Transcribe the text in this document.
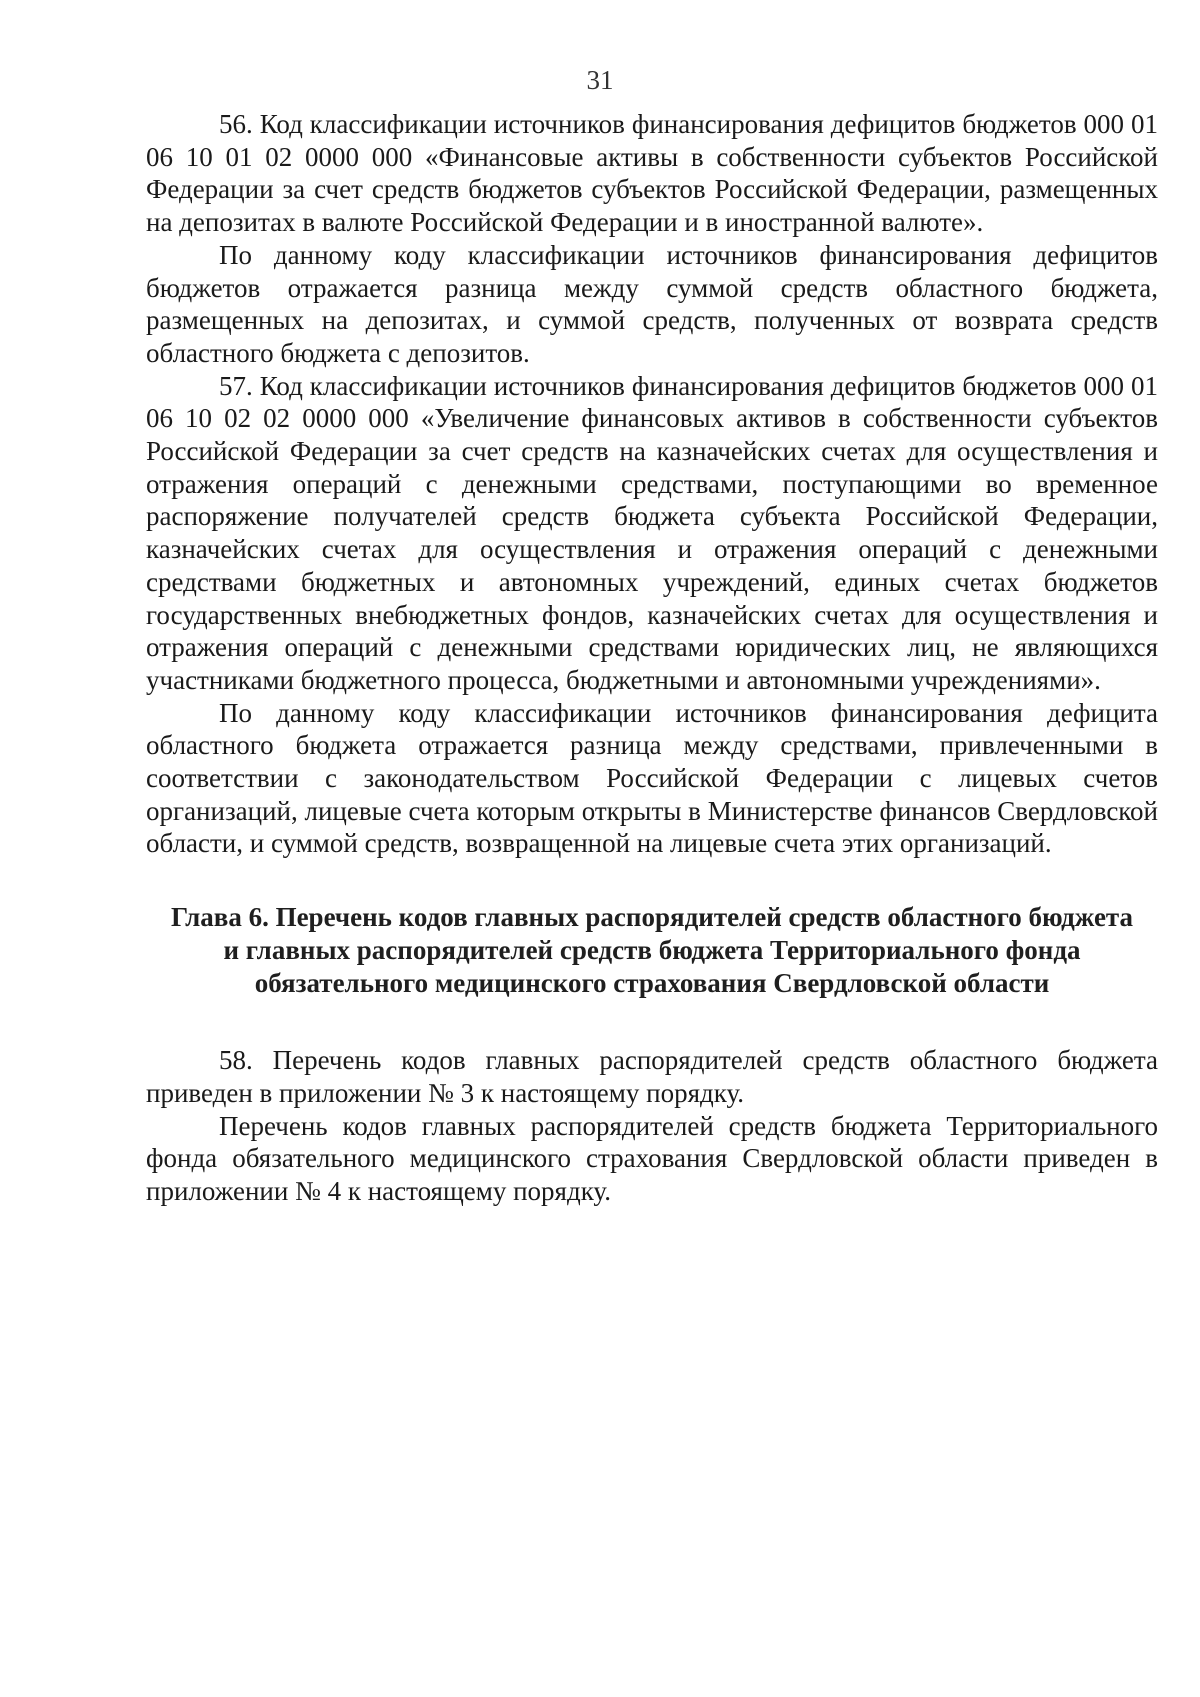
31

56. Код классификации источников финансирования дефицитов бюджетов 000 01 06 10 01 02 0000 000 «Финансовые активы в собственности субъектов Российской Федерации за счет средств бюджетов субъектов Российской Федерации, размещенных на депозитах в валюте Российской Федерации и в иностранной валюте».

По данному коду классификации источников финансирования дефицитов бюджетов отражается разница между суммой средств областного бюджета, размещенных на депозитах, и суммой средств, полученных от возврата средств областного бюджета с депозитов.

57. Код классификации источников финансирования дефицитов бюджетов 000 01 06 10 02 02 0000 000 «Увеличение финансовых активов в собственности субъектов Российской Федерации за счет средств на казначейских счетах для осуществления и отражения операций с денежными средствами, поступающими во временное распоряжение получателей средств бюджета субъекта Российской Федерации, казначейских счетах для осуществления и отражения операций с денежными средствами бюджетных и автономных учреждений, единых счетах бюджетов государственных внебюджетных фондов, казначейских счетах для осуществления и отражения операций с денежными средствами юридических лиц, не являющихся участниками бюджетного процесса, бюджетными и автономными учреждениями».

По данному коду классификации источников финансирования дефицита областного бюджета отражается разница между средствами, привлеченными в соответствии с законодательством Российской Федерации с лицевых счетов организаций, лицевые счета которым открыты в Министерстве финансов Свердловской области, и суммой средств, возвращенной на лицевые счета этих организаций.

Глава 6. Перечень кодов главных распорядителей средств областного бюджета и главных распорядителей средств бюджета Территориального фонда обязательного медицинского страхования Свердловской области

58. Перечень кодов главных распорядителей средств областного бюджета приведен в приложении № 3 к настоящему порядку.

Перечень кодов главных распорядителей средств бюджета Территориального фонда обязательного медицинского страхования Свердловской области приведен в приложении № 4 к настоящему порядку.
